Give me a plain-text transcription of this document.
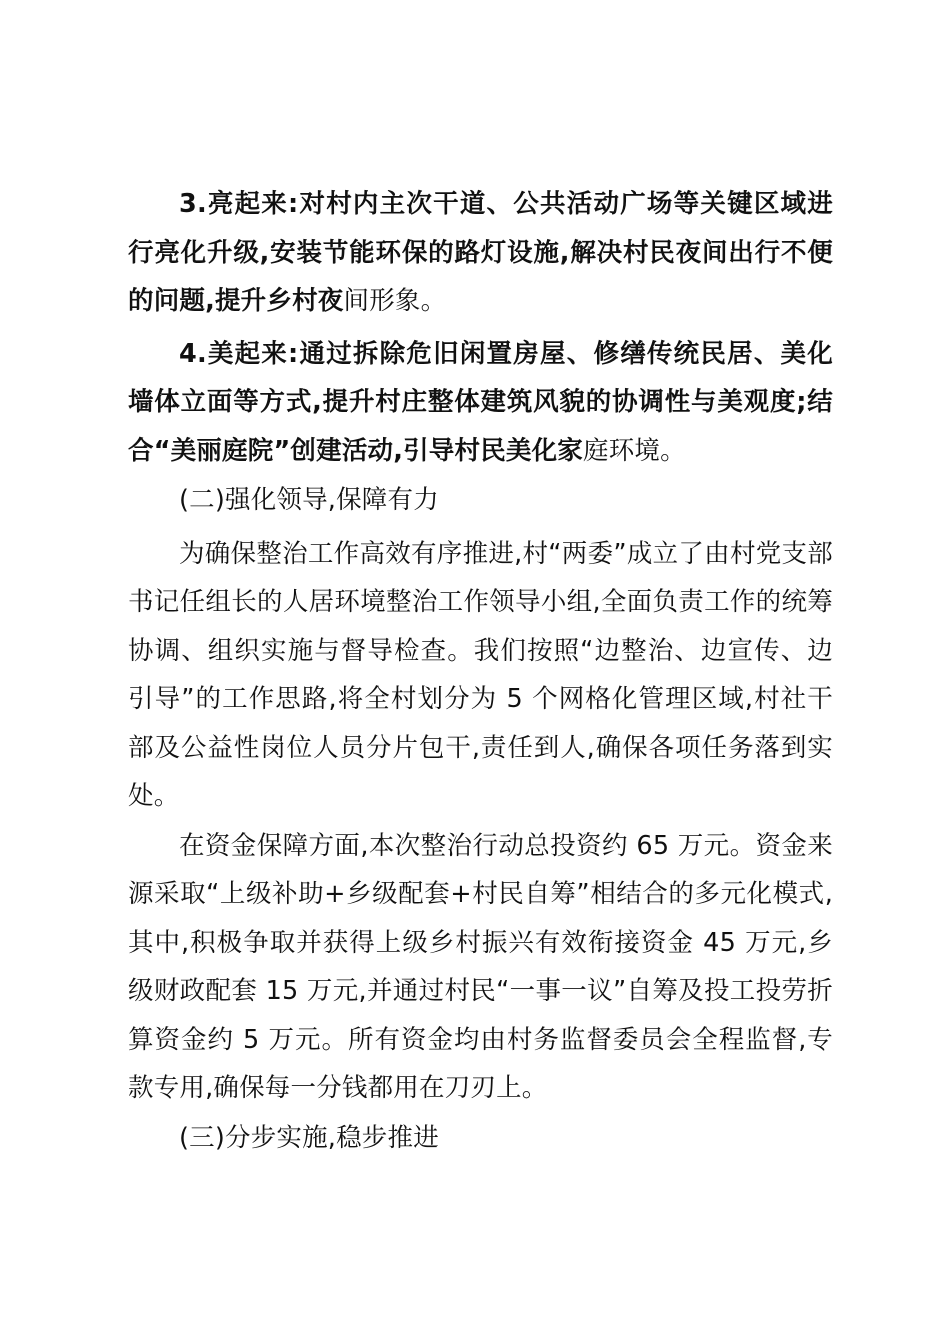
3.亮起来:对村内主次干道、公共活动广场等关键区域进行亮化升级,安装节能环保的路灯设施,解决村民夜间出行不便的问题,提升乡村夜间形象。

4.美起来:通过拆除危旧闲置房屋、修缮传统民居、美化墙体立面等方式,提升村庄整体建筑风貌的协调性与美观度;结合“美丽庭院”创建活动,引导村民美化家庭环境。

(二)强化领导,保障有力

为确保整治工作高效有序推进,村“两委”成立了由村党支部书记任组长的人居环境整治工作领导小组,全面负责工作的统筹协调、组织实施与督导检查。我们按照“边整治、边宣传、边引导”的工作思路,将全村划分为 5 个网格化管理区域,村社干部及公益性岗位人员分片包干,责任到人,确保各项任务落到实处。

在资金保障方面,本次整治行动总投资约 65 万元。资金来源采取“上级补助+乡级配套+村民自筹”相结合的多元化模式,其中,积极争取并获得上级乡村振兴有效衔接资金 45 万元,乡级财政配套 15 万元,并通过村民“一事一议”自筹及投工投劳折算资金约 5 万元。所有资金均由村务监督委员会全程监督,专款专用,确保每一分钱都用在刀刃上。

(三)分步实施,稳步推进
